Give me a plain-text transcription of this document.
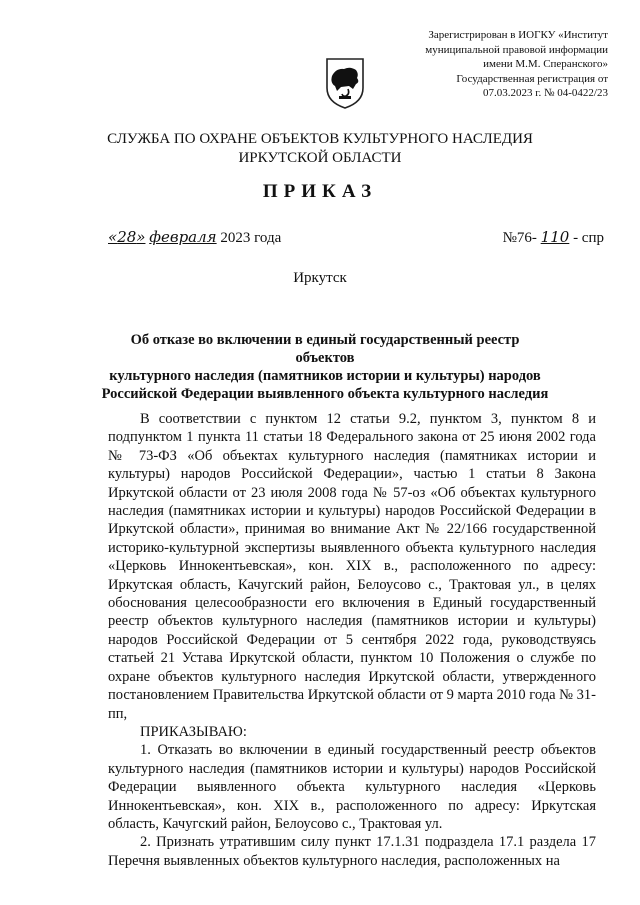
Зарегистрирован в ИОГКУ «Институт
муниципальной правовой информации
имени М.М. Сперанского»
Государственная регистрация от
07.03.2023 г. № 04-0422/23
СЛУЖБА ПО ОХРАНЕ ОБЪЕКТОВ КУЛЬТУРНОГО НАСЛЕДИЯ
ИРКУТСКОЙ ОБЛАСТИ
ПРИКАЗ
«28» февраля 2023 года	№76- 110 - спр
Иркутск
Об отказе во включении в единый государственный реестр объектов
культурного наследия (памятников истории и культуры) народов
Российской Федерации выявленного объекта культурного наследия

В соответствии с пунктом 12 статьи 9.2, пунктом 3, пунктом 8 и подпунктом 1 пункта 11 статьи 18 Федерального закона от 25 июня 2002 года № 73-ФЗ «Об объектах культурного наследия (памятниках истории и культуры) народов Российской Федерации», частью 1 статьи 8 Закона Иркутской области от 23 июля 2008 года № 57-оз «Об объектах культурного наследия (памятниках истории и культуры) народов Российской Федерации в Иркутской области», принимая во внимание Акт № 22/166 государственной историко-культурной экспертизы выявленного объекта культурного наследия «Церковь Иннокентьевская», кон. XIX в., расположенного по адресу: Иркутская область, Качугский район, Белоусово с., Трактовая ул., в целях обоснования целесообразности его включения в Единый государственный реестр объектов культурного наследия (памятников истории и культуры) народов Российской Федерации от 5 сентября 2022 года, руководствуясь статьей 21 Устава Иркутской области, пунктом 10 Положения о службе по охране объектов культурного наследия Иркутской области, утвержденного постановлением Правительства Иркутской области от 9 марта 2010 года № 31-пп,

ПРИКАЗЫВАЮ:

1. Отказать во включении в единый государственный реестр объектов культурного наследия (памятников истории и культуры) народов Российской Федерации выявленного объекта культурного наследия «Церковь Иннокентьевская», кон. XIX в., расположенного по адресу: Иркутская область, Качугский район, Белоусово с., Трактовая ул.

2. Признать утратившим силу пункт 17.1.31 подраздела 17.1 раздела 17 Перечня выявленных объектов культурного наследия, расположенных на
